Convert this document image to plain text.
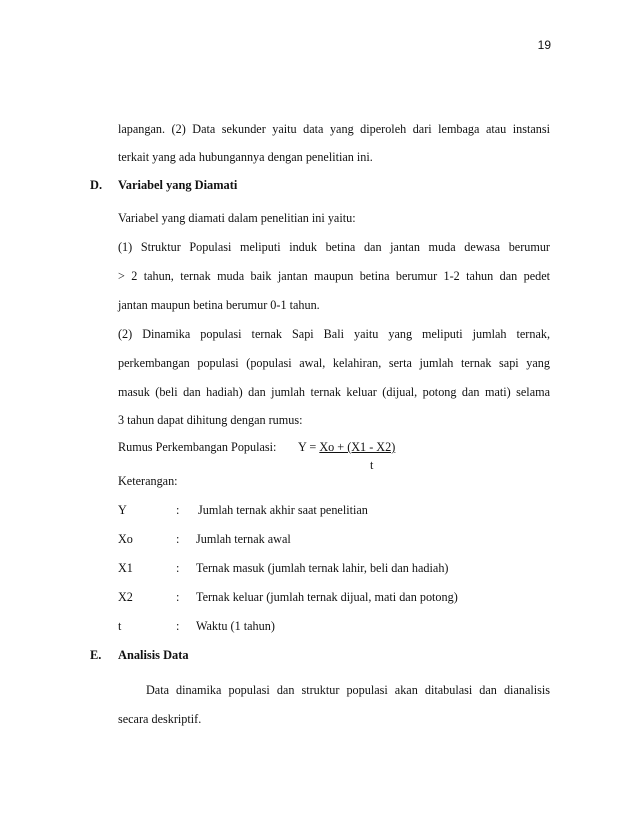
19
lapangan. (2) Data sekunder yaitu data yang diperoleh dari lembaga atau instansi
terkait yang ada hubungannya dengan penelitian ini.
D. Variabel yang Diamati
Variabel yang diamati dalam penelitian ini yaitu:
(1) Struktur Populasi meliputi induk betina dan jantan muda dewasa berumur
> 2 tahun, ternak muda baik jantan maupun betina berumur 1-2 tahun dan pedet
jantan maupun betina berumur 0-1 tahun.
(2) Dinamika populasi ternak Sapi Bali yaitu yang meliputi jumlah ternak,
perkembangan populasi (populasi awal, kelahiran, serta jumlah ternak sapi yang
masuk (beli dan hadiah) dan jumlah ternak keluar (dijual, potong dan mati) selama
3 tahun dapat dihitung dengan rumus:
Rumus Perkembangan Populasi: Y = Xo + (X1 - X2)
t
Keterangan:
Y	: Jumlah ternak akhir saat penelitian
Xo	: Jumlah ternak awal
X1	: Ternak masuk (jumlah ternak lahir, beli dan hadiah)
X2	: Ternak keluar (jumlah ternak dijual, mati dan potong)
t	: Waktu (1 tahun)
E. Analisis Data
Data dinamika populasi dan struktur populasi akan ditabulasi dan dianalisis
secara deskriptif.
